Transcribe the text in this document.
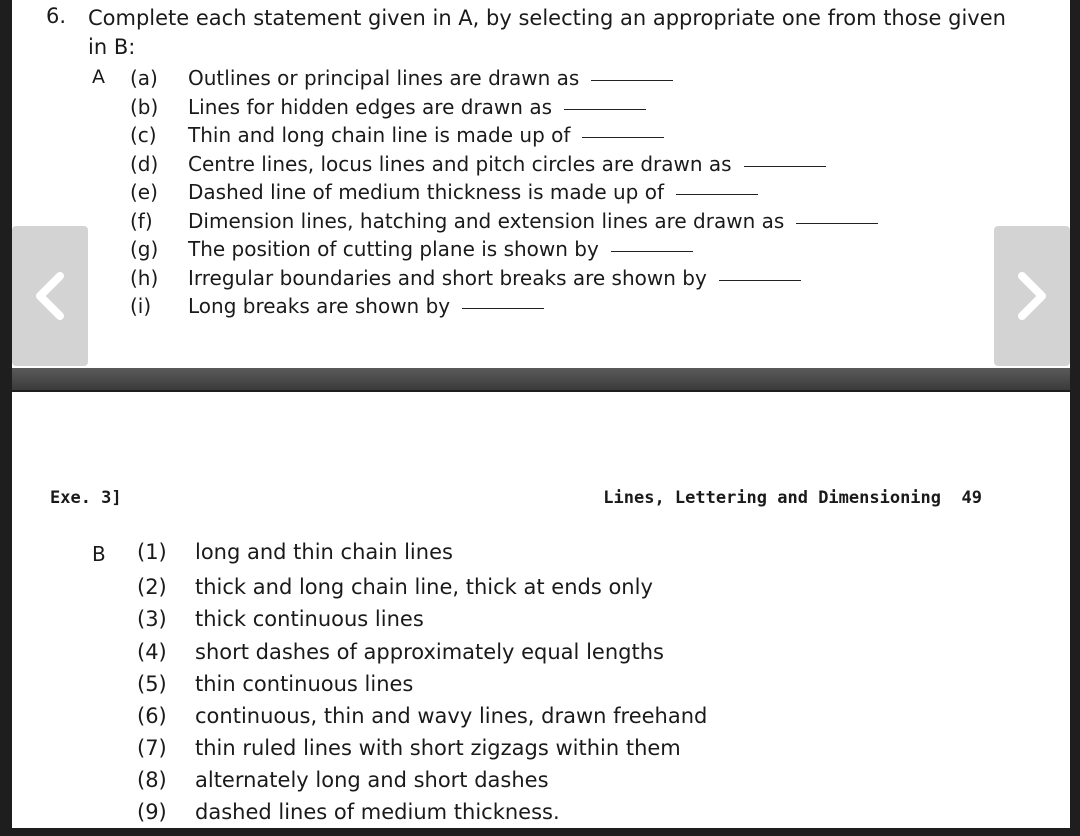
6. Complete each statement given in A, by selecting an appropriate one from those given in B:
A (a) Outlines or principal lines are drawn as
(b) Lines for hidden edges are drawn as
(c) Thin and long chain line is made up of
(d) Centre lines, locus lines and pitch circles are drawn as
(e) Dashed line of medium thickness is made up of
(f) Dimension lines, hatching and extension lines are drawn as
(g) The position of cutting plane is shown by
(h) Irregular boundaries and short breaks are shown by
(i) Long breaks are shown by
Exe. 3]	Lines, Lettering and Dimensioning 49
B (1) long and thin chain lines
(2) thick and long chain line, thick at ends only
(3) thick continuous lines
(4) short dashes of approximately equal lengths
(5) thin continuous lines
(6) continuous, thin and wavy lines, drawn freehand
(7) thin ruled lines with short zigzags within them
(8) alternately long and short dashes
(9) dashed lines of medium thickness.
